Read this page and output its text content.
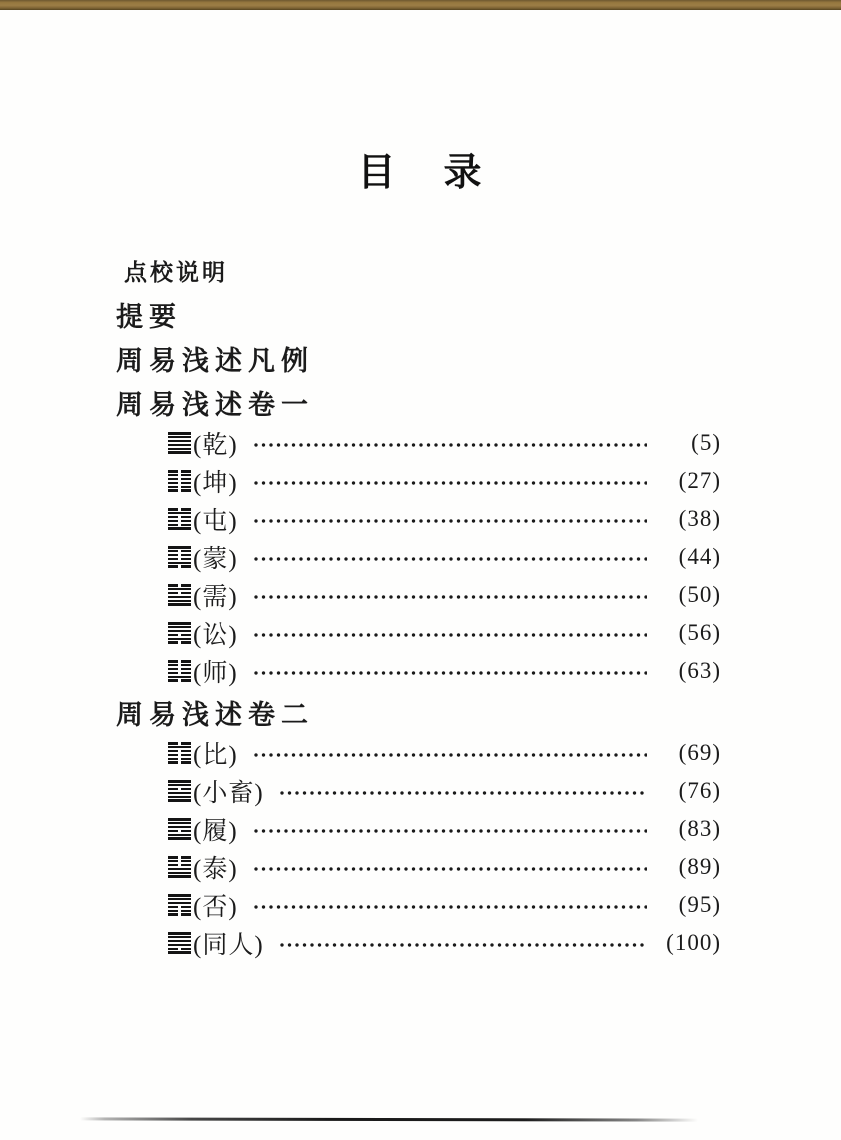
目    录
点校说明
提要
周易浅述凡例
周易浅述卷一
(乾)	(5)
(坤)	(27)
(屯)	(38)
(蒙)	(44)
(需)	(50)
(讼)	(56)
(师)	(63)
周易浅述卷二
(比)	(69)
(小畜)	(76)
(履)	(83)
(泰)	(89)
(否)	(95)
(同人)	(100)
